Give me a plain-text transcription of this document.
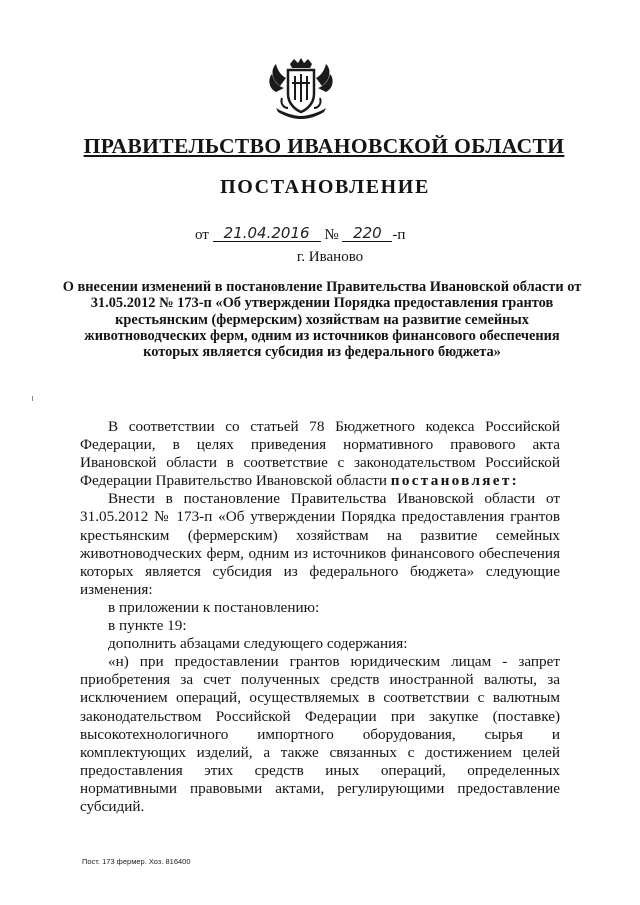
ПРАВИТЕЛЬСТВО ИВАНОВСКОЙ ОБЛАСТИ
ПОСТАНОВЛЕНИЕ
от 21.04.2016 № 220 -п
г. Иваново
О внесении изменений в постановление Правительства Ивановской области от 31.05.2012 № 173-п «Об утверждении Порядка предоставления грантов крестьянским (фермерским) хозяйствам на развитие семейных животноводческих ферм, одним из источников финансового обеспечения которых является субсидия из федерального бюджета»

В соответствии со статьей 78 Бюджетного кодекса Российской Федерации, в целях приведения нормативного правового акта Ивановской области в соответствие с законодательством Российской Федерации Правительство Ивановской области постановляет:

Внести в постановление Правительства Ивановской области от 31.05.2012 № 173-п «Об утверждении Порядка предоставления грантов крестьянским (фермерским) хозяйствам на развитие семейных животноводческих ферм, одним из источников финансового обеспечения которых является субсидия из федерального бюджета» следующие изменения:

в приложении к постановлению:

в пункте 19:

дополнить абзацами следующего содержания:

«н) при предоставлении грантов юридическим лицам - запрет приобретения за счет полученных средств иностранной валюты, за исключением операций, осуществляемых в соответствии с валютным законодательством Российской Федерации при закупке (поставке) высокотехнологичного импортного оборудования, сырья и комплектующих изделий, а также связанных с достижением целей предоставления этих средств иных операций, определенных нормативными правовыми актами, регулирующими предоставление субсидий.

Пост. 173 фермер. Хоз. 816400
